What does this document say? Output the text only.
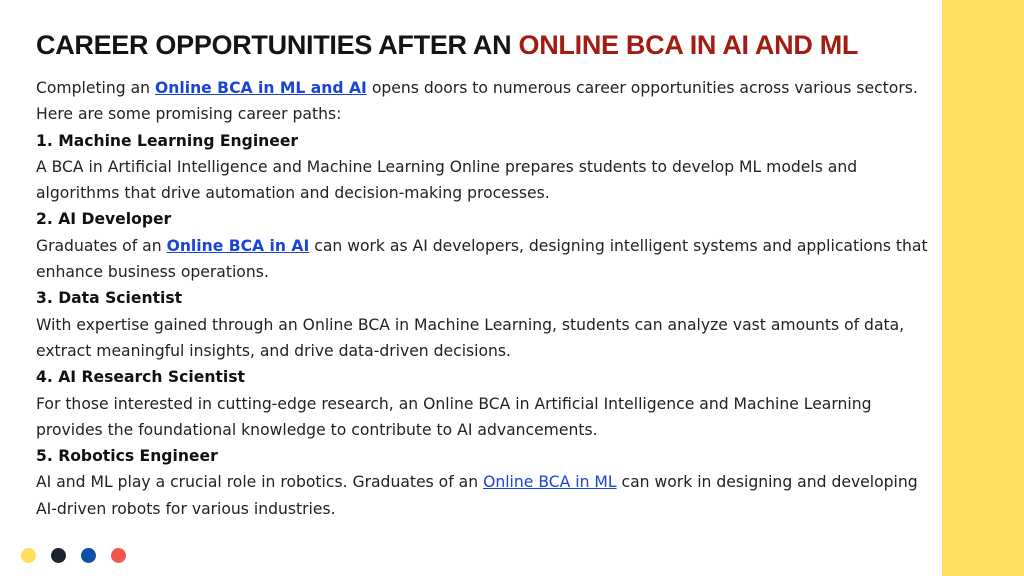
CAREER OPPORTUNITIES AFTER AN ONLINE BCA IN AI AND ML

Completing an Online BCA in ML and AI opens doors to numerous career opportunities across various sectors. Here are some promising career paths:

1. Machine Learning Engineer

A BCA in Artificial Intelligence and Machine Learning Online prepares students to develop ML models and algorithms that drive automation and decision-making processes.

2. AI Developer

Graduates of an Online BCA in AI can work as AI developers, designing intelligent systems and applications that enhance business operations.

3. Data Scientist

With expertise gained through an Online BCA in Machine Learning, students can analyze vast amounts of data, extract meaningful insights, and drive data-driven decisions.

4. AI Research Scientist

For those interested in cutting-edge research, an Online BCA in Artificial Intelligence and Machine Learning provides the foundational knowledge to contribute to AI advancements.

5. Robotics Engineer

AI and ML play a crucial role in robotics. Graduates of an Online BCA in ML can work in designing and developing AI-driven robots for various industries.
